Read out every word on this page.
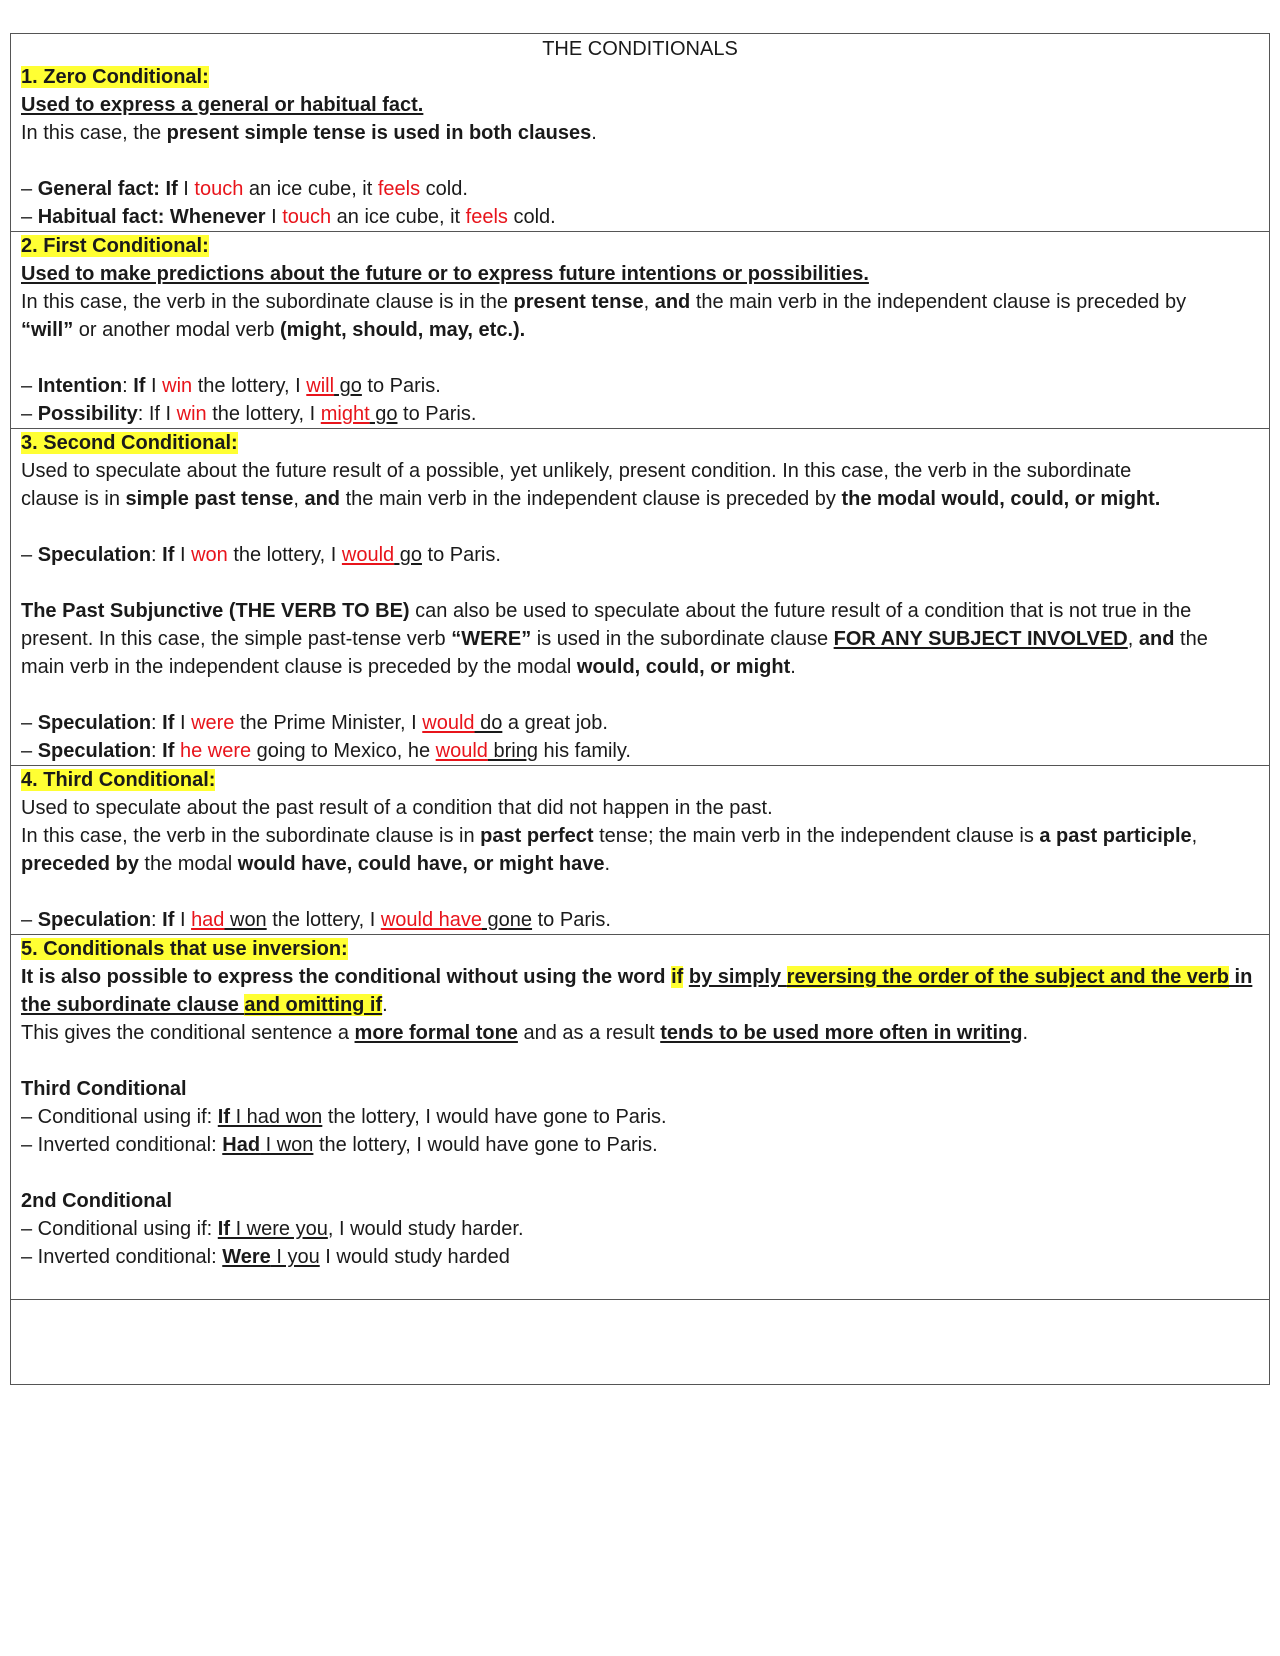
THE CONDITIONALS
1. Zero Conditional:
Used to express a general or habitual fact.
In this case, the present simple tense is used in both clauses.
– General fact: If I touch an ice cube, it feels cold.
– Habitual fact: Whenever I touch an ice cube, it feels cold.
2. First Conditional:
Used to make predictions about the future or to express future intentions or possibilities.
In this case, the verb in the subordinate clause is in the present tense, and the main verb in the independent clause is preceded by
“will” or another modal verb (might, should, may, etc.).
– Intention: If I win the lottery, I will go to Paris.
– Possibility: If I win the lottery, I might go to Paris.
3. Second Conditional:
Used to speculate about the future result of a possible, yet unlikely, present condition. In this case, the verb in the subordinate
clause is in simple past tense, and the main verb in the independent clause is preceded by the modal would, could, or might.
– Speculation: If I won the lottery, I would go to Paris.
The Past Subjunctive (THE VERB TO BE) can also be used to speculate about the future result of a condition that is not true in the
present. In this case, the simple past-tense verb “WERE” is used in the subordinate clause FOR ANY SUBJECT INVOLVED, and the
main verb in the independent clause is preceded by the modal would, could, or might.
– Speculation: If I were the Prime Minister, I would do a great job.
– Speculation: If he were going to Mexico, he would bring his family.
4. Third Conditional:
Used to speculate about the past result of a condition that did not happen in the past.
In this case, the verb in the subordinate clause is in past perfect tense; the main verb in the independent clause is a past participle,
preceded by the modal would have, could have, or might have.
– Speculation: If I had won the lottery, I would have gone to Paris.
5. Conditionals that use inversion:
It is also possible to express the conditional without using the word if by simply reversing the order of the subject and the verb in
the subordinate clause and omitting if.
This gives the conditional sentence a more formal tone and as a result tends to be used more often in writing.
Third Conditional
– Conditional using if: If I had won the lottery, I would have gone to Paris.
– Inverted conditional: Had I won the lottery, I would have gone to Paris.
2nd Conditional
– Conditional using if: If I were you, I would study harder.
– Inverted conditional: Were I you I would study harded
